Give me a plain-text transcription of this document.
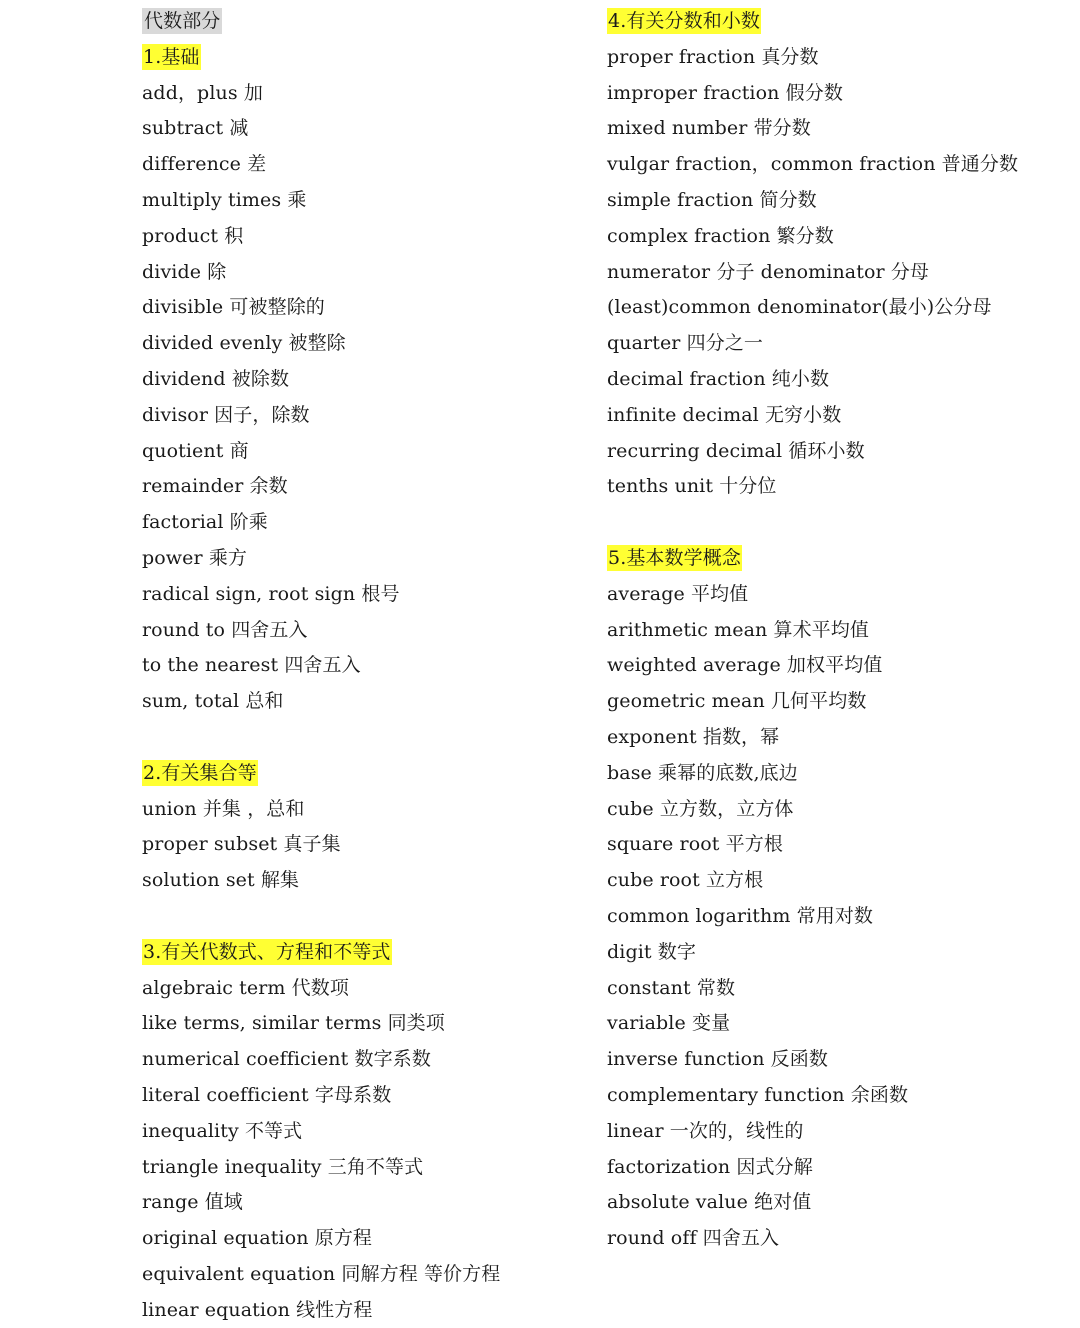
代数部分
1.基础
add，plus 加
subtract 减
difference 差
multiply times 乘
product 积
divide 除
divisible 可被整除的
divided evenly 被整除
dividend 被除数
divisor 因子，除数
quotient 商
remainder 余数
factorial 阶乘
power 乘方
radical sign, root sign 根号
round to 四舍五入
to the nearest 四舍五入
sum, total 总和
2.有关集合等
union 并集 ，总和
proper subset 真子集
solution set 解集
3.有关代数式、方程和不等式
algebraic term 代数项
like terms, similar terms 同类项
numerical coefficient 数字系数
literal coefficient 字母系数
inequality 不等式
triangle inequality 三角不等式
range 值域
original equation 原方程
equivalent equation 同解方程 等价方程
linear equation 线性方程
4.有关分数和小数
proper fraction 真分数
improper fraction 假分数
mixed number 带分数
vulgar fraction，common fraction 普通分数
simple fraction 简分数
complex fraction 繁分数
numerator 分子 denominator 分母
(least)common denominator(最小)公分母
quarter 四分之一
decimal fraction 纯小数
infinite decimal 无穷小数
recurring decimal 循环小数
tenths unit 十分位
5.基本数学概念
average 平均值
arithmetic mean 算术平均值
weighted average 加权平均值
geometric mean 几何平均数
exponent 指数，幂
base 乘幂的底数,底边
cube 立方数，立方体
square root 平方根
cube root 立方根
common logarithm 常用对数
digit 数字
constant 常数
variable 变量
inverse function 反函数
complementary function 余函数
linear 一次的，线性的
factorization 因式分解
absolute value 绝对值
round off 四舍五入
